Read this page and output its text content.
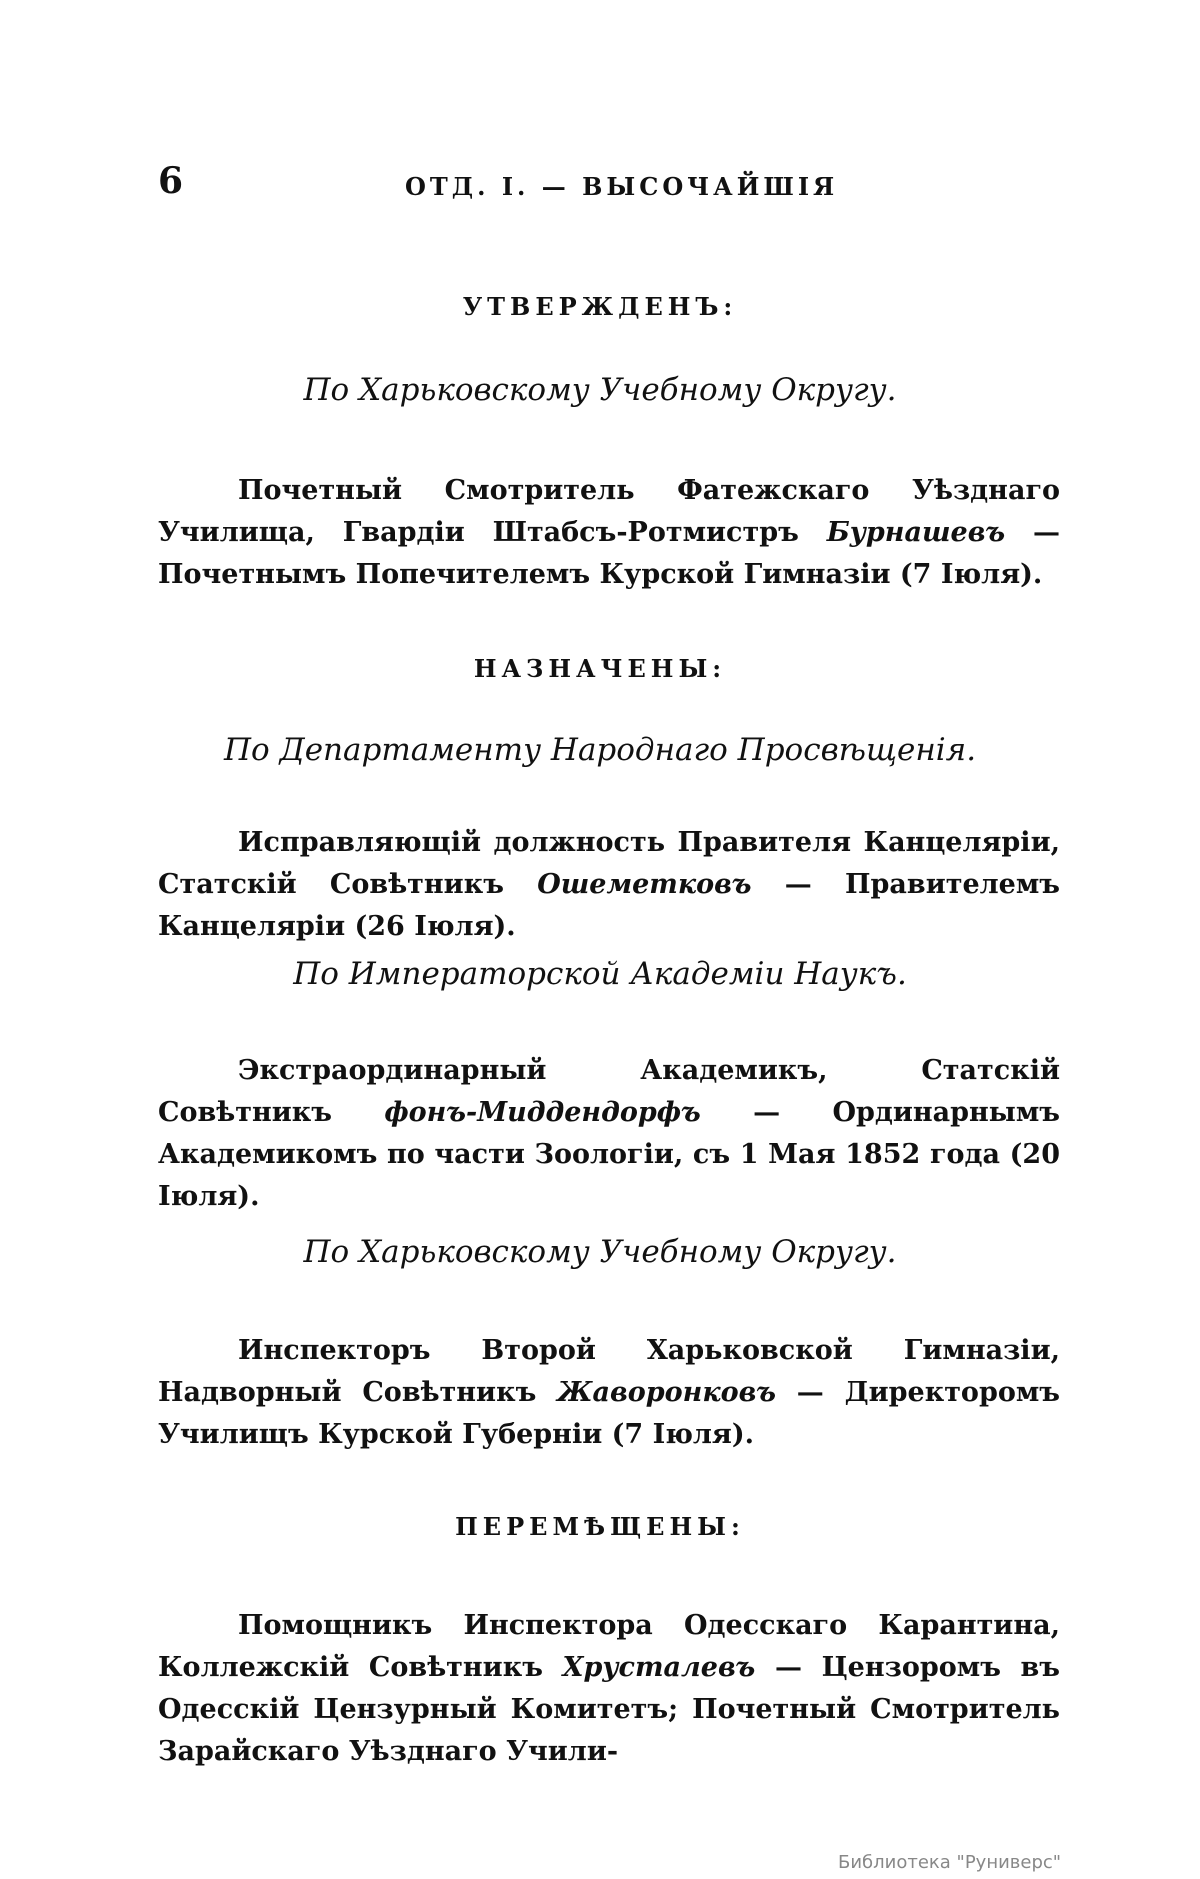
6	ОТД. I. — ВЫСОЧАЙШІЯ
УТВЕРЖДЕНЪ:
По Харьковскому Учебному Округу.

Почетный Смотритель Фатежскаго Уѣзднаго Училища, Гвардіи Штабсъ-Ротмистръ Бурнашевъ — Почетнымъ Попечителемъ Курской Гимназіи (7 Іюля).

НАЗНАЧЕНЫ:
По Департаменту Народнаго Просвѣщенія.

Исправляющій должность Правителя Канцеляріи, Статскій Совѣтникъ Ошеметковъ — Правителемъ Канцеляріи (26 Іюля).

По Императорской Академіи Наукъ.

Экстраординарный Академикъ, Статскій Совѣтникъ фонъ-Миддендорфъ — Ординарнымъ Академикомъ по части Зоологіи, съ 1 Мая 1852 года (20 Іюля).

По Харьковскому Учебному Округу.

Инспекторъ Второй Харьковской Гимназіи, Надворный Совѣтникъ Жаворонковъ — Директоромъ Училищъ Курской Губерніи (7 Іюля).

ПЕРЕМѢЩЕНЫ:

Помощникъ Инспектора Одесскаго Карантина, Коллежскій Совѣтникъ Хрусталевъ — Цензоромъ въ Одесскій Цензурный Комитетъ; Почетный Смотритель Зарайскаго Уѣзднаго Учили-

Библиотека "Руниверс"
